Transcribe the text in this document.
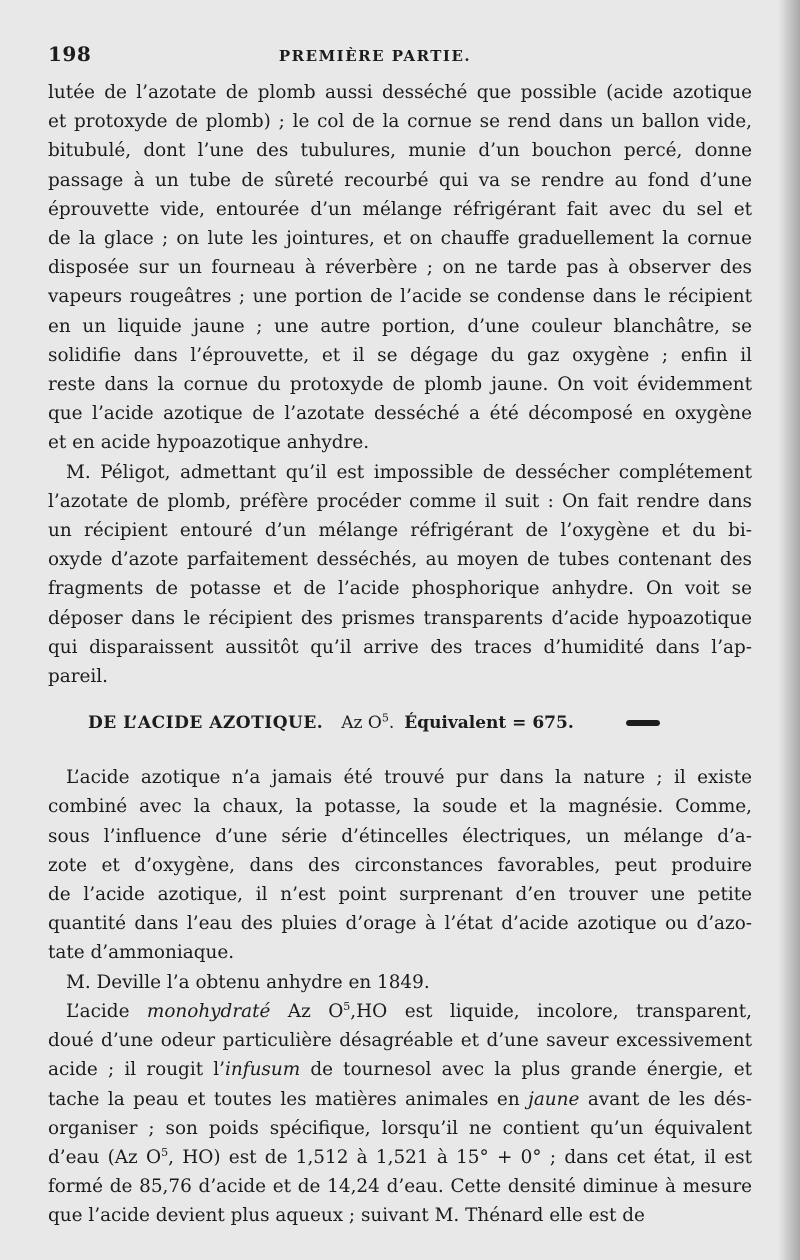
198	PREMIÈRE PARTIE.
lutée de l’azotate de plomb aussi desséché que possible (acide azotique
et protoxyde de plomb) ; le col de la cornue se rend dans un ballon vide,
bitubulé, dont l’une des tubulures, munie d’un bouchon percé, donne
passage à un tube de sûreté recourbé qui va se rendre au fond d’une
éprouvette vide, entourée d’un mélange réfrigérant fait avec du sel et
de la glace ; on lute les jointures, et on chauffe graduellement la cornue
disposée sur un fourneau à réverbère ; on ne tarde pas à observer des
vapeurs rougeâtres ; une portion de l’acide se condense dans le récipient
en un liquide jaune ; une autre portion, d’une couleur blanchâtre, se
solidifie dans l’éprouvette, et il se dégage du gaz oxygène ; enfin il
reste dans la cornue du protoxyde de plomb jaune. On voit évidemment
que l’acide azotique de l’azotate desséché a été décomposé en oxygène
et en acide hypoazotique anhydre.
M. Péligot, admettant qu’il est impossible de dessécher complétement
l’azotate de plomb, préfère procéder comme il suit : On fait rendre dans
un récipient entouré d’un mélange réfrigérant de l’oxygène et du bi-
oxyde d’azote parfaitement desséchés, au moyen de tubes contenant des
fragments de potasse et de l’acide phosphorique anhydre. On voit se
déposer dans le récipient des prismes transparents d’acide hypoazotique
qui disparaissent aussitôt qu’il arrive des traces d’humidité dans l’ap-
pareil.
DE L’ACIDE AZOTIQUE. Az $O^5$. Équivalent = 675.
L’acide azotique n’a jamais été trouvé pur dans la nature ; il existe
combiné avec la chaux, la potasse, la soude et la magnésie. Comme,
sous l’influence d’une série d’étincelles électriques, un mélange d’a-
zote et d’oxygène, dans des circonstances favorables, peut produire
de l’acide azotique, il n’est point surprenant d’en trouver une petite
quantité dans l’eau des pluies d’orage à l’état d’acide azotique ou d’azo-
tate d’ammoniaque.
M. Deville l’a obtenu anhydre en 1849.
L’acide monohydraté Az $O^5,HO$ est liquide, incolore, transparent,
doué d’une odeur particulière désagréable et d’une saveur excessivement
acide ; il rougit l’infusum de tournesol avec la plus grande énergie, et
tache la peau et toutes les matières animales en jaune avant de les dés-
organiser ; son poids spécifique, lorsqu’il ne contient qu’un équivalent
d’eau (Az $O^5$, HO) est de 1,512 à 1,521 à 15° + 0° ; dans cet état, il est
formé de 85,76 d’acide et de 14,24 d’eau. Cette densité diminue à mesure
que l’acide devient plus aqueux ; suivant M. Thénard elle est de
